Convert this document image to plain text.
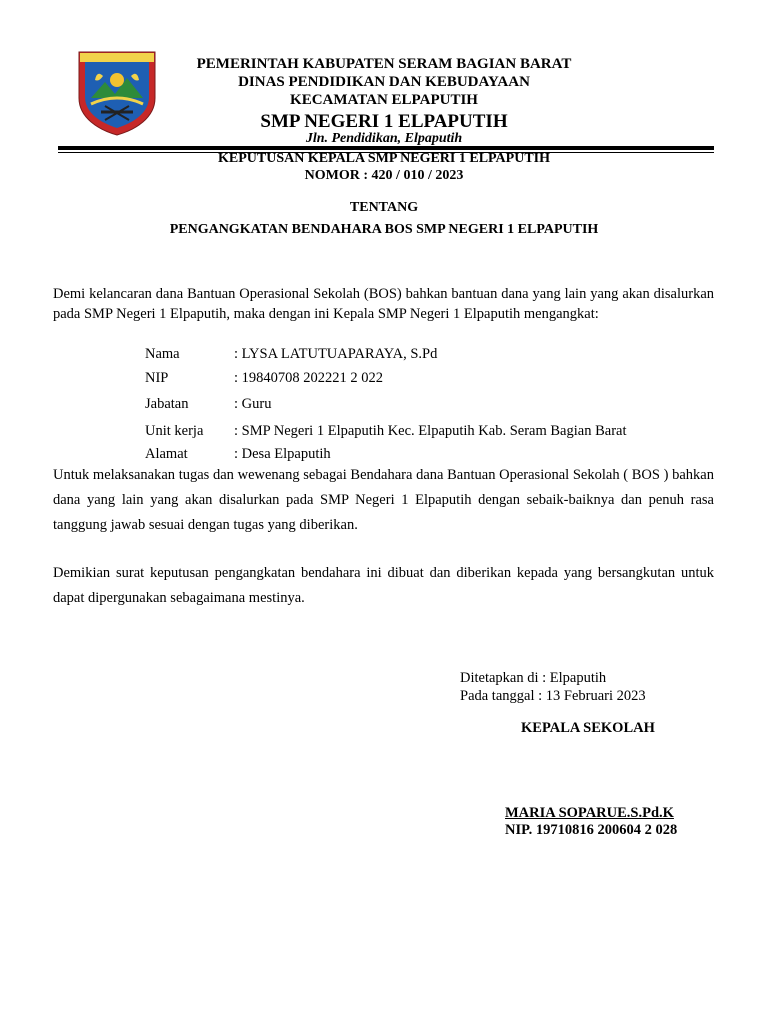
PEMERINTAH KABUPATEN SERAM BAGIAN BARAT
DINAS PENDIDIKAN DAN KEBUDAYAAN
KECAMATAN ELPAPUTIH
SMP NEGERI 1 ELPAPUTIH
Jln. Pendidikan, Elpaputih
KEPUTUSAN KEPALA SMP NEGERI 1 ELPAPUTIH
NOMOR : 420 / 010 / 2023
TENTANG
PENGANGKATAN BENDAHARA BOS SMP NEGERI 1 ELPAPUTIH
Demi kelancaran dana Bantuan Operasional Sekolah (BOS) bahkan bantuan dana yang lain yang akan disalurkan pada SMP Negeri 1 Elpaputih, maka dengan ini Kepala SMP Negeri 1 Elpaputih mengangkat:
Nama	: LYSA LATUTUAPARAYA, S.Pd
NIP	: 19840708 202221 2 022
Jabatan	: Guru
Unit kerja : SMP Negeri 1 Elpaputih Kec. Elpaputih Kab. Seram Bagian Barat
Alamat	: Desa Elpaputih
Untuk melaksanakan tugas dan wewenang sebagai Bendahara dana Bantuan Operasional Sekolah ( BOS ) bahkan dana yang lain yang akan disalurkan pada SMP Negeri 1 Elpaputih dengan sebaik-baiknya dan penuh rasa tanggung jawab sesuai dengan tugas yang diberikan.
Demikian surat keputusan pengangkatan bendahara ini dibuat dan diberikan kepada yang bersangkutan untuk dapat dipergunakan sebagaimana mestinya.
Ditetapkan di : Elpaputih
Pada tanggal : 13 Februari 2023
KEPALA SEKOLAH
MARIA SOPARUE.S.Pd.K
NIP. 19710816 200604 2 028
